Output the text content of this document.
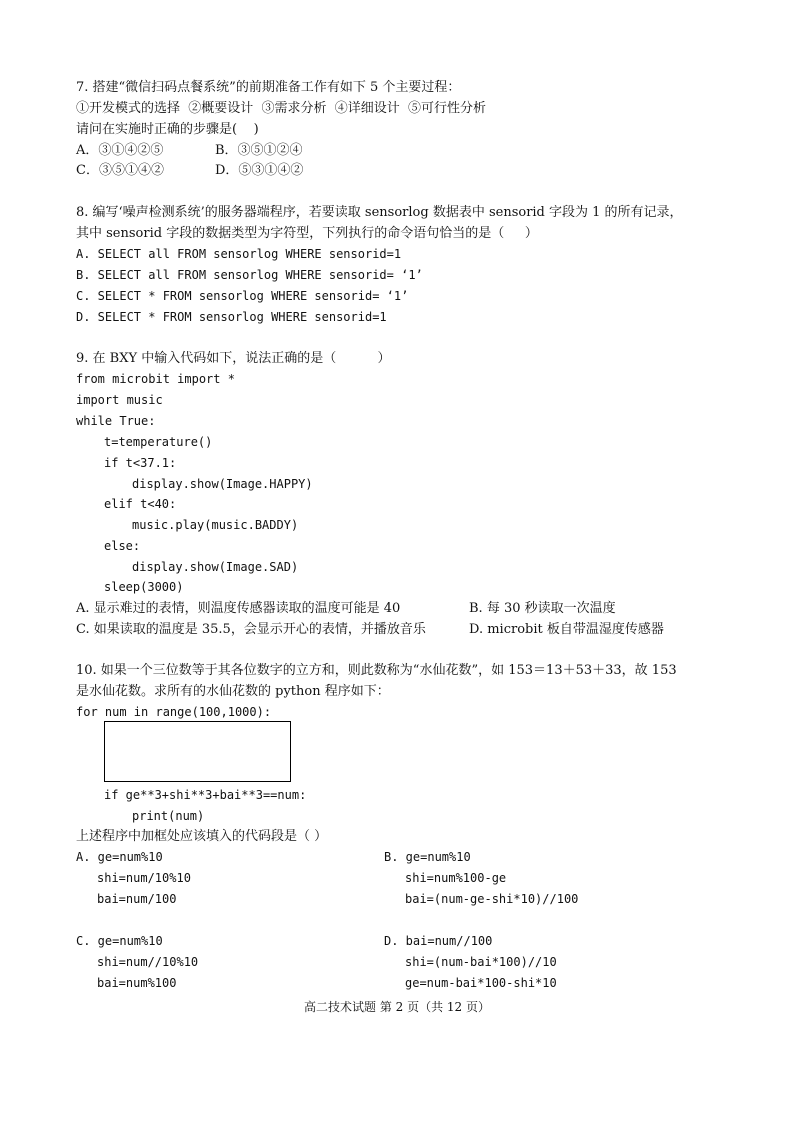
7. 搭建“微信扫码点餐系统”的前期准备工作有如下 5 个主要过程：
①开发模式的选择  ②概要设计  ③需求分析  ④详细设计  ⑤可行性分析
请问在实施时正确的步骤是(    )
A．③①④②⑤	B．③⑤①②④
C．③⑤①④②	D．⑤③①④②
8. 编写‘噪声检测系统’的服务器端程序，若要读取 sensorlog 数据表中 sensorid 字段为 1 的所有记录，
其中 sensorid 字段的数据类型为字符型，下列执行的命令语句恰当的是（     ）
A. SELECT all FROM sensorlog WHERE sensorid=1
B. SELECT all FROM sensorlog WHERE sensorid= ‘1’
C. SELECT * FROM sensorlog WHERE sensorid= ‘1’
D. SELECT * FROM sensorlog WHERE sensorid=1
9. 在 BXY 中输入代码如下，说法正确的是（          ）
from microbit import *
import music
while True:
t=temperature()
if t<37.1:
display.show(Image.HAPPY)
elif t<40:
music.play(music.BADDY)
else:
display.show(Image.SAD)
sleep(3000)
A. 显示难过的表情，则温度传感器读取的温度可能是 40	B. 每 30 秒读取一次温度
C. 如果读取的温度是 35.5，会显示开心的表情，并播放音乐	D. microbit 板自带温湿度传感器
10. 如果一个三位数等于其各位数字的立方和，则此数称为“水仙花数”，如 153＝13＋53＋33，故 153
是水仙花数。求所有的水仙花数的 python 程序如下：
for num in range(100,1000):
if ge**3+shi**3+bai**3==num:
print(num)
上述程序中加框处应该填入的代码段是（ ）
A. ge=num%10
shi=num/10%10
bai=num/100
B. ge=num%10
shi=num%100-ge
bai=(num-ge-shi*10)//100
C. ge=num%10
shi=num//10%10
bai=num%100
D. bai=num//100
shi=(num-bai*100)//10
ge=num-bai*100-shi*10
高二技术试题 第 2 页（共 12 页）
